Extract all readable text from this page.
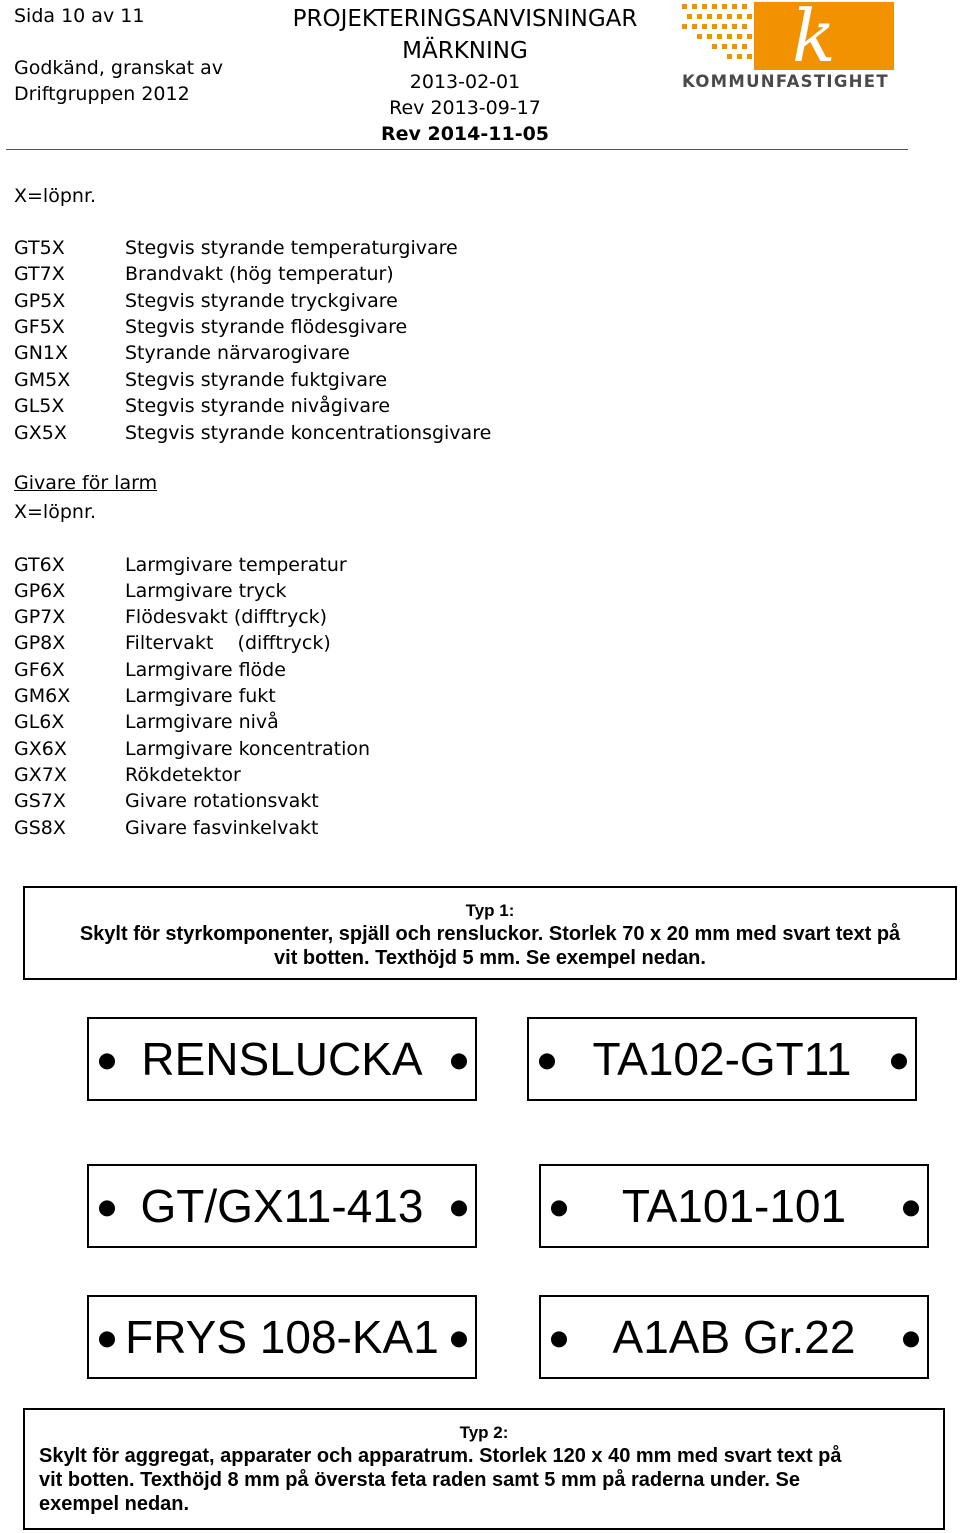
Sida 10 av 11
Godkänd, granskat av
Driftgruppen 2012
PROJEKTERINGSANVISNINGAR
MÄRKNING
2013-02-01
Rev 2013-09-17
Rev 2014-11-05
k
KOMMUNFASTIGHET
X=löpnr.
GT5X	Stegvis styrande temperaturgivare
GT7X	Brandvakt (hög temperatur)
GP5X	Stegvis styrande tryckgivare
GF5X	Stegvis styrande flödesgivare
GN1X	Styrande närvarogivare
GM5X	Stegvis styrande fuktgivare
GL5X	Stegvis styrande nivågivare
GX5X	Stegvis styrande koncentrationsgivare
Givare för larm
X=löpnr.
GT6X	Larmgivare temperatur
GP6X	Larmgivare tryck
GP7X	Flödesvakt (difftryck)
GP8X	Filtervakt    (difftryck)
GF6X	Larmgivare flöde
GM6X	Larmgivare fukt
GL6X	Larmgivare nivå
GX6X	Larmgivare koncentration
GX7X	Rökdetektor
GS7X	Givare rotationsvakt
GS8X	Givare fasvinkelvakt
Typ 1:
Skylt för styrkomponenter, spjäll och rensluckor. Storlek 70 x 20 mm med svart text på
vit botten. Texthöjd 5 mm. Se exempel nedan.
RENSLUCKA	TA102-GT11
GT/GX11-413	TA101-101
FRYS 108-KA1	A1AB Gr.22
Typ 2:
Skylt för aggregat, apparater och apparatrum. Storlek 120 x 40 mm med svart text på
vit botten. Texthöjd 8 mm på översta feta raden samt 5 mm på raderna under. Se
exempel nedan.
